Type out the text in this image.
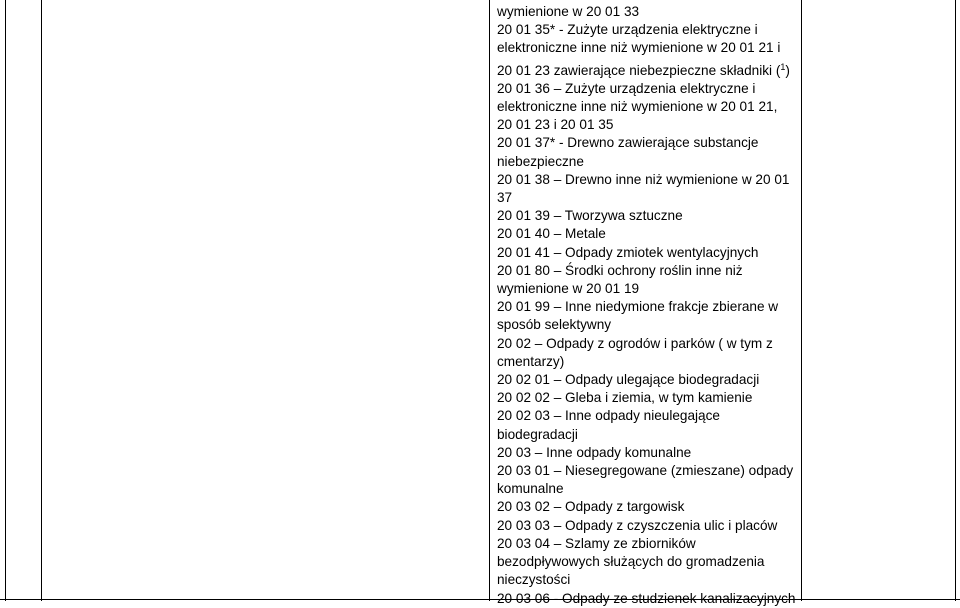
wymienione w 20 01 33
20 01 35* - Zużyte urządzenia elektryczne i
elektroniczne inne niż wymienione w 20 01 21 i
20 01 23 zawierające niebezpieczne składniki ($^1$)
20 01 36 – Zużyte urządzenia elektryczne i
elektroniczne inne niż wymienione w 20 01 21,
20 01 23 i 20 01 35
20 01 37* - Drewno zawierające substancje
niebezpieczne
20 01 38 – Drewno inne niż wymienione w 20 01
37
20 01 39 – Tworzywa sztuczne
20 01 40 – Metale
20 01 41 – Odpady zmiotek wentylacyjnych
20 01 80 – Środki ochrony roślin inne niż
wymienione w 20 01 19
20 01 99 – Inne niedymione frakcje zbierane w
sposób selektywny
20 02 – Odpady z ogrodów i parków ( w tym z
cmentarzy)
20 02 01 – Odpady ulegające biodegradacji
20 02 02 – Gleba i ziemia, w tym kamienie
20 02 03 – Inne odpady nieulegające
biodegradacji
20 03 – Inne odpady komunalne
20 03 01 – Niesegregowane (zmieszane) odpady
komunalne
20 03 02 – Odpady z targowisk
20 03 03 – Odpady z czyszczenia ulic i placów
20 03 04 – Szlamy ze zbiorników
bezodpływowych służących do gromadzenia
nieczystości
20 03 06 - Odpady ze studzienek kanalizacyjnych
